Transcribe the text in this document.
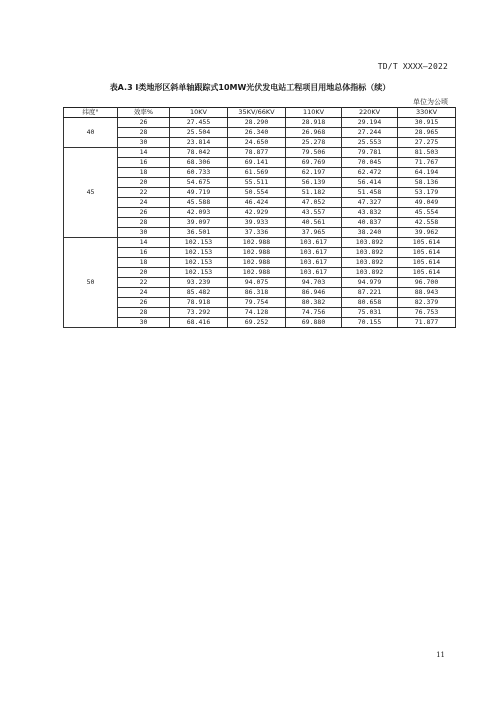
TD/T XXXX—2022
表A.3 Ⅰ类地形区斜单轴跟踪式10MW光伏发电站工程项目用地总体指标（续）
单位为公顷
纬度°	效率%	10KV	35KV/66KV	110KV	220KV	330KV
40	26	27.455	28.290	28.918	29.194	30.915
	28	25.504	26.340	26.968	27.244	28.965
	30	23.814	24.650	25.278	25.553	27.275
45	14	78.042	78.877	79.506	79.781	81.503
	16	68.306	69.141	69.769	70.045	71.767
	18	60.733	61.569	62.197	62.472	64.194
	20	54.675	55.511	56.139	56.414	58.136
	22	49.719	50.554	51.182	51.458	53.179
	24	45.588	46.424	47.052	47.327	49.049
	26	42.093	42.929	43.557	43.832	45.554
	28	39.097	39.933	40.561	40.837	42.558
	30	36.501	37.336	37.965	38.240	39.962
50	14	102.153	102.988	103.617	103.892	105.614
	16	102.153	102.988	103.617	103.892	105.614
	18	102.153	102.988	103.617	103.892	105.614
	20	102.153	102.988	103.617	103.892	105.614
	22	93.239	94.075	94.703	94.979	96.700
	24	85.482	86.318	86.946	87.221	88.943
	26	78.918	79.754	80.382	80.658	82.379
	28	73.292	74.128	74.756	75.031	76.753
	30	68.416	69.252	69.880	70.155	71.877
11
